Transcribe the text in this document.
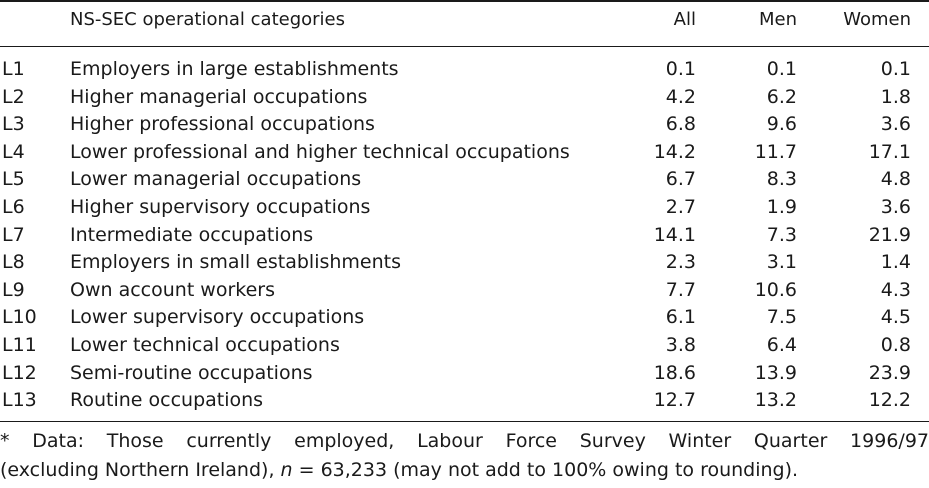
NS-SEC operational categories	All	Men	Women
L1 Employers in large establishments	0.1	0.1	0.1
L2 Higher managerial occupations	4.2	6.2	1.8
L3 Higher professional occupations	6.8	9.6	3.6
L4 Lower professional and higher technical occupations	14.2	11.7	17.1
L5 Lower managerial occupations	6.7	8.3	4.8
L6 Higher supervisory occupations	2.7	1.9	3.6
L7 Intermediate occupations	14.1	7.3	21.9
L8 Employers in small establishments	2.3	3.1	1.4
L9 Own account workers	7.7	10.6	4.3
L10 Lower supervisory occupations	6.1	7.5	4.5
L11 Lower technical occupations	3.8	6.4	0.8
L12 Semi-routine occupations	18.6	13.9	23.9
L13 Routine occupations	12.7	13.2	12.2
* Data: Those currently employed, Labour Force Survey Winter Quarter 1996/97
(excluding Northern Ireland), n = 63,233 (may not add to 100% owing to rounding).
